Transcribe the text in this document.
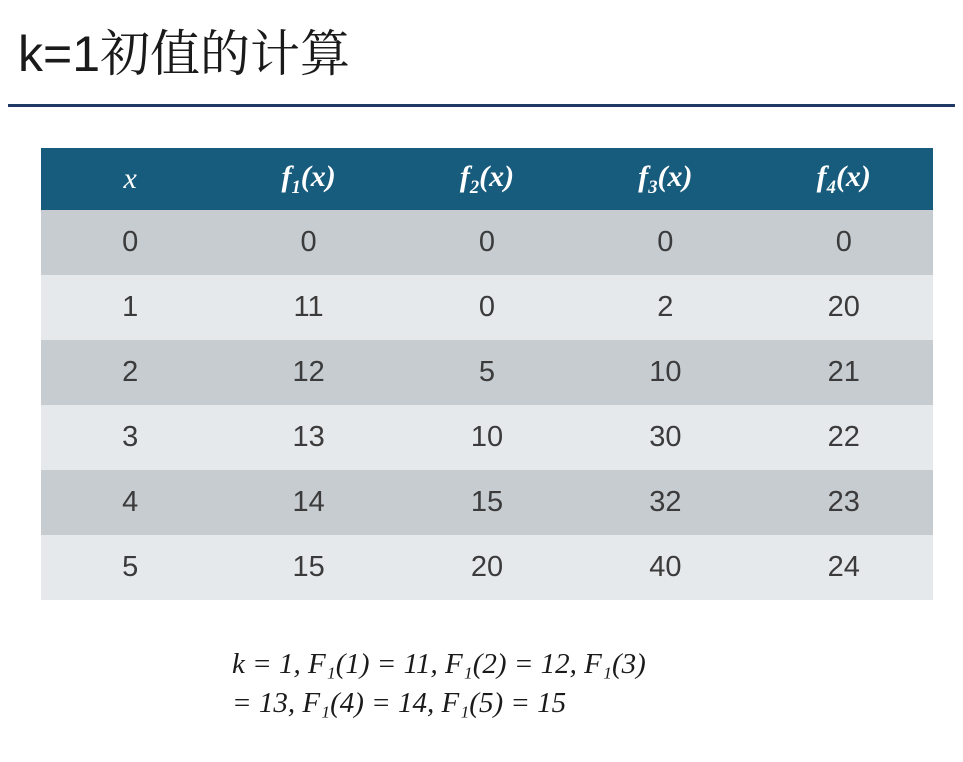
k=1初值的计算
x	$f_1(x)$	$f_2(x)$	$f_3(x)$	$f_4(x)$
0	0	0	0	0
1	11	0	2	20
2	12	5	10	21
3	13	10	30	22
4	14	15	32	23
5	15	20	40	24
k = 1, F₁(1) = 11, F₁(2) = 12, F₁(3)
= 13, F₁(4) = 14, F₁(5) = 15
